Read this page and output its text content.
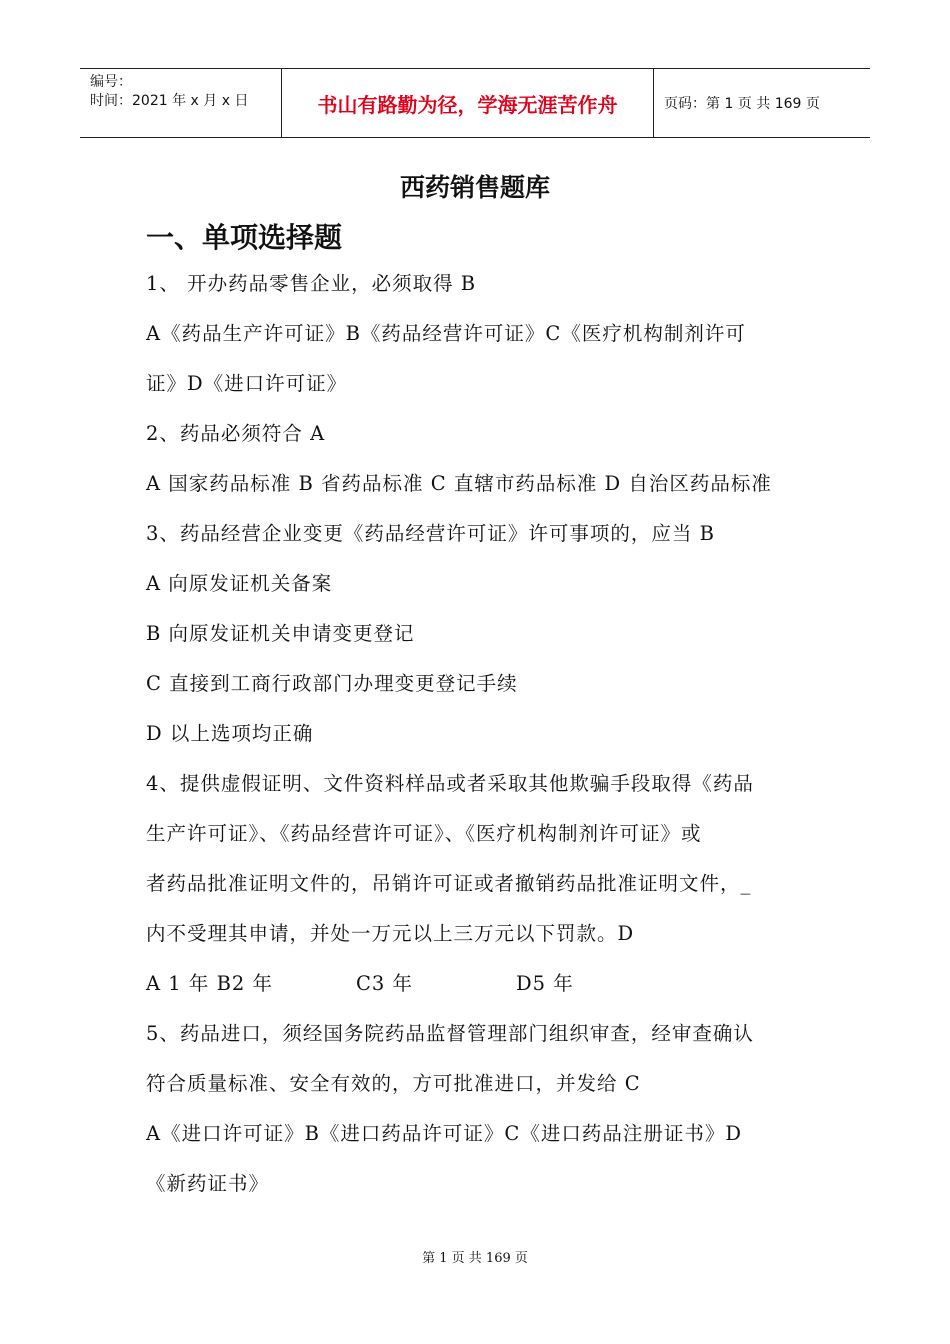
编号：
时间：2021 年 x 月 x 日	书山有路勤为径，学海无涯苦作舟	页码：第 1 页 共 169 页
西药销售题库
一、单项选择题
1、 开办药品零售企业，必须取得 B
A《药品生产许可证》B《药品经营许可证》C《医疗机构制剂许可
证》D《进口许可证》
2、药品必须符合 A
A 国家药品标准 B 省药品标准 C 直辖市药品标准 D 自治区药品标准
3、药品经营企业变更《药品经营许可证》许可事项的，应当 B
A 向原发证机关备案
B 向原发证机关申请变更登记
C 直接到工商行政部门办理变更登记手续
D 以上选项均正确
4、提供虚假证明、文件资料样品或者采取其他欺骗手段取得《药品
生产许可证》、《药品经营许可证》、《医疗机构制剂许可证》或
者药品批准证明文件的，吊销许可证或者撤销药品批准证明文件，_
内不受理其申请，并处一万元以上三万元以下罚款。D
A 1 年 B2 年	C3 年	D5 年
5、药品进口，须经国务院药品监督管理部门组织审查，经审查确认
符合质量标准、安全有效的，方可批准进口，并发给 C
A《进口许可证》B《进口药品许可证》C《进口药品注册证书》D
《新药证书》
第 1 页 共 169 页
